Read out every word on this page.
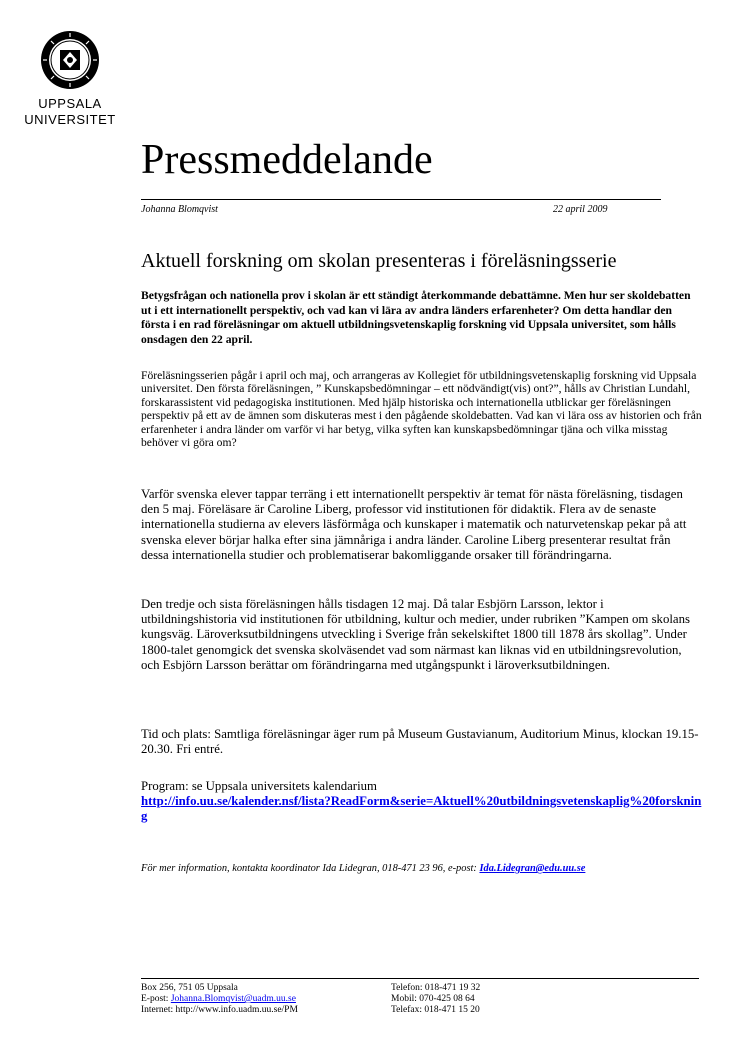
UPPSALA
UNIVERSITET
Pressmeddelande
Johanna Blomqvist	22 april 2009
Aktuell forskning om skolan presenteras i föreläsningsserie

Betygsfrågan och nationella prov i skolan är ett ständigt återkommande debattämne. Men hur ser skoldebatten ut i ett internationellt perspektiv, och vad kan vi lära av andra länders erfarenheter? Om detta handlar den första i en rad föreläsningar om aktuell utbildningsvetenskaplig forskning vid Uppsala universitet, som hålls onsdagen den 22 april.

Föreläsningsserien pågår i april och maj, och arrangeras av Kollegiet för utbildningsvetenskaplig forskning vid Uppsala universitet. Den första föreläsningen, ” Kunskapsbedömningar – ett nödvändigt(vis) ont?”, hålls av Christian Lundahl, forskarassistent vid pedagogiska institutionen. Med hjälp historiska och internationella utblickar ger föreläsningen perspektiv på ett av de ämnen som diskuteras mest i den pågående skoldebatten. Vad kan vi lära oss av historien och från erfarenheter i andra länder om varför vi har betyg, vilka syften kan kunskapsbedömningar tjäna och vilka misstag behöver vi göra om?

Varför svenska elever tappar terräng i ett internationellt perspektiv är temat för nästa föreläsning, tisdagen den 5 maj. Föreläsare är Caroline Liberg, professor vid institutionen för didaktik. Flera av de senaste internationella studierna av elevers läsförmåga och kunskaper i matematik och naturvetenskap pekar på att svenska elever börjar halka efter sina jämnåriga i andra länder. Caroline Liberg presenterar resultat från dessa internationella studier och problematiserar bakomliggande orsaker till förändringarna.

Den tredje och sista föreläsningen hålls tisdagen 12 maj. Då talar Esbjörn Larsson, lektor i utbildningshistoria vid institutionen för utbildning, kultur och medier, under rubriken ”Kampen om skolans kungsväg. Läroverksutbildningens utveckling i Sverige från sekelskiftet 1800 till 1878 års skollag”. Under 1800-talet genomgick det svenska skolväsendet vad som närmast kan liknas vid en utbildningsrevolution, och Esbjörn Larsson berättar om förändringarna med utgångspunkt i läroverksutbildningen.

Tid och plats: Samtliga föreläsningar äger rum på Museum Gustavianum, Auditorium Minus, klockan 19.15-20.30. Fri entré.

Program: se Uppsala universitets kalendarium
http://info.uu.se/kalender.nsf/lista?ReadForm&serie=Aktuell%20utbildningsvetenskaplig%20forskning
För mer information, kontakta koordinator Ida Lidegran, 018-471 23 96, e-post: Ida.Lidegran@edu.uu.se
Box 256, 751 05 Uppsala
E-post: Johanna.Blomqvist@uadm.uu.se
Internet: http://www.info.uadm.uu.se/PM
Telefon: 018-471 19 32
Mobil: 070-425 08 64
Telefax: 018-471 15 20
